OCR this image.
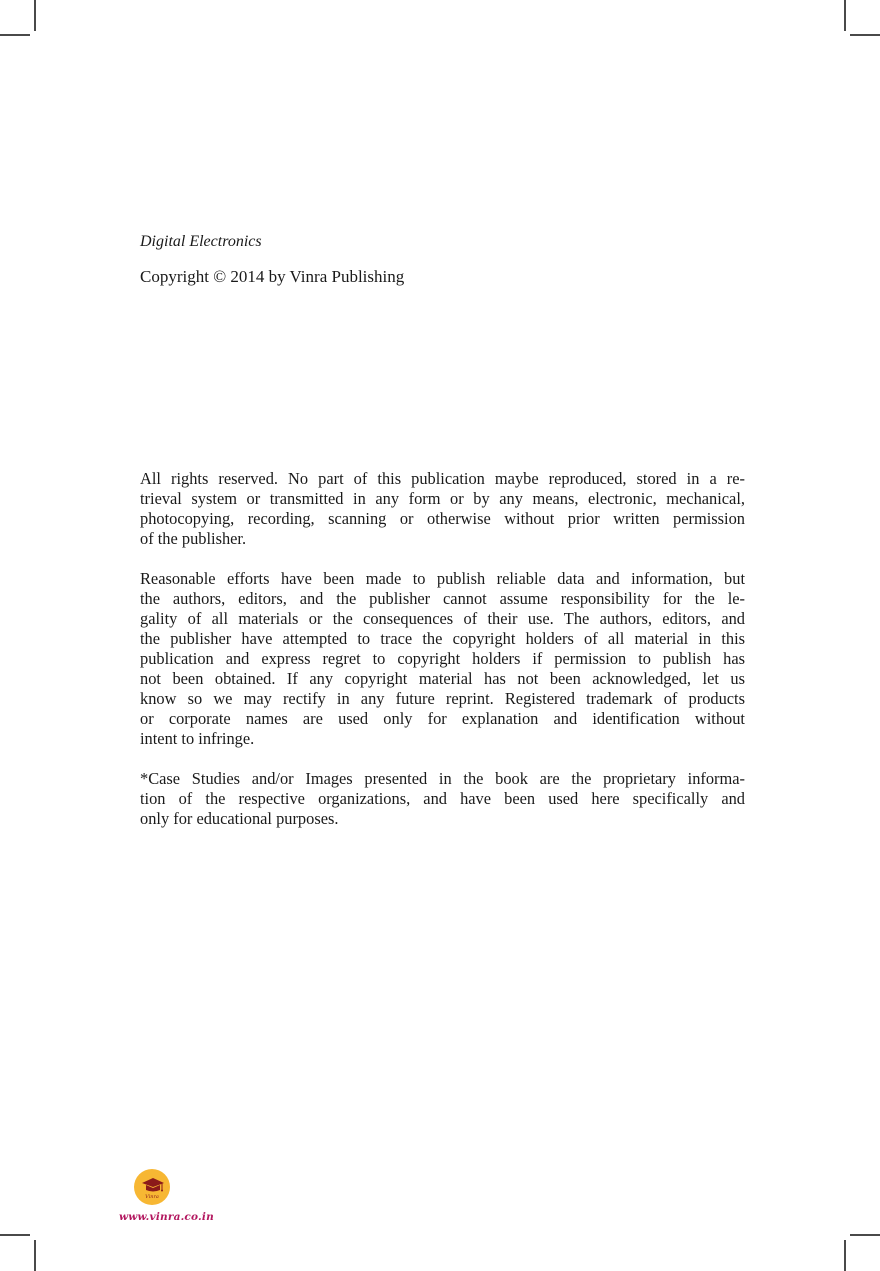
Digital Electronics
Copyright © 2014 by Vinra Publishing
All rights reserved. No part of this publication maybe reproduced, stored in a re-
trieval system or transmitted in any form or by any means, electronic, mechanical,
photocopying, recording, scanning or otherwise without prior written permission
of the publisher.
Reasonable efforts have been made to publish reliable data and information, but
the authors, editors, and the publisher cannot assume responsibility for the le-
gality of all materials or the consequences of their use. The authors, editors, and
the publisher have attempted to trace the copyright holders of all material in this
publication and express regret to copyright holders if permission to publish has
not been obtained. If any copyright material has not been acknowledged, let us
know so we may rectify in any future reprint. Registered trademark of products
or corporate names are used only for explanation and identification without
intent to infringe.
*Case Studies and/or Images presented in the book are the proprietary informa-
tion of the respective organizations, and have been used here specifically and
only for educational purposes.
Vinra
www.vinra.co.in
